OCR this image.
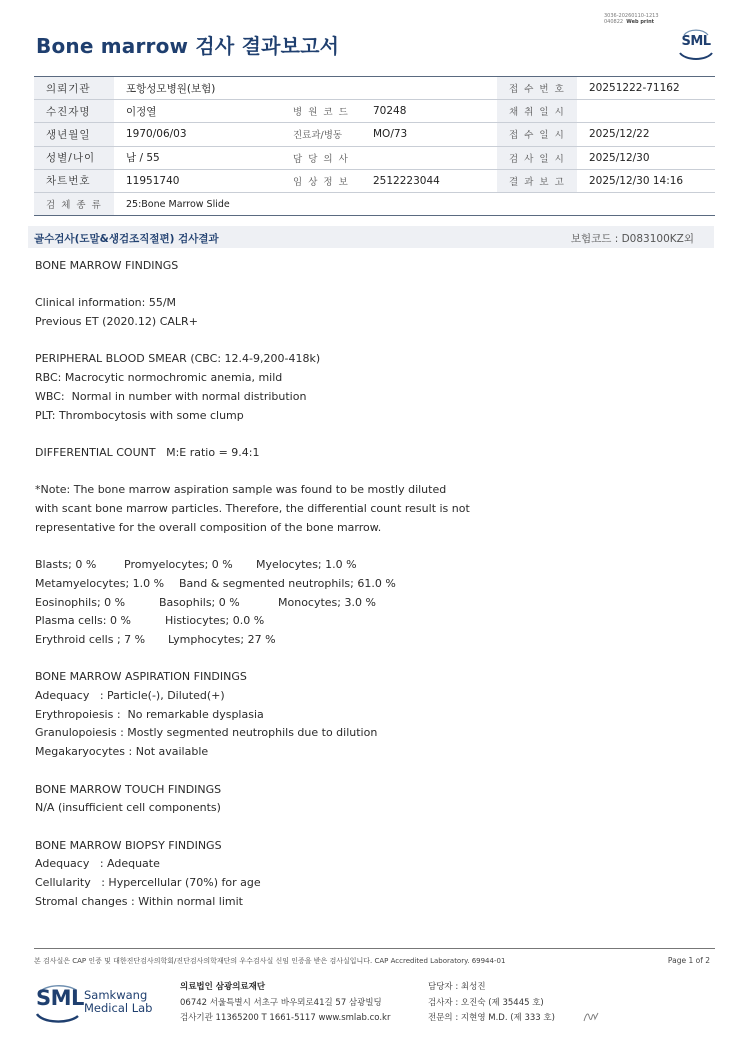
3036-20260110-1213
040822 Web print
Bone marrow 검사 결과보고서	SML
의뢰기관	포항성모병원(보험)			접 수 번 호	20251222-71162
수진자명	이정열	병 원 코 드	70248	채 취 일 시	
생년월일	1970/06/03	진료과/병동	MO/73	접 수 일 시	2025/12/22
성별/나이	남 / 55	담 당 의 사		검 사 일 시	2025/12/30
차트번호	11951740	임 상 정 보	2512223044	결 과 보 고	2025/12/30 14:16
검 체 종 류	25:Bone Marrow Slide				
골수검사(도말&생검조직절편) 검사결과	보험코드 : D083100KZ외

BONE MARROW FINDINGS

Clinical information: 55/M

Previous ET (2020.12) CALR+

PERIPHERAL BLOOD SMEAR (CBC: 12.4-9,200-418k)

RBC: Macrocytic normochromic anemia, mild

WBC:  Normal in number with normal distribution

PLT: Thrombocytosis with some clump

DIFFERENTIAL COUNT   M:E ratio = 9.4:1

*Note: The bone marrow aspiration sample was found to be mostly diluted

with scant bone marrow particles. Therefore, the differential count result is not

representative for the overall composition of the bone marrow.

Blasts; 0 %	Promyelocytes; 0 % Myelocytes; 1.0 %
Metamyelocytes; 1.0 % Band & segmented neutrophils; 61.0 %
Eosinophils; 0 %	Basophils; 0 %	Monocytes; 3.0 %
Plasma cells: 0 %	Histiocytes; 0.0 %
Erythroid cells ; 7 % Lymphocytes; 27 %

BONE MARROW ASPIRATION FINDINGS

Adequacy   : Particle(-), Diluted(+)

Erythropoiesis :  No remarkable dysplasia

Granulopoiesis : Mostly segmented neutrophils due to dilution

Megakaryocytes : Not available

BONE MARROW TOUCH FINDINGS

N/A (insufficient cell components)

BONE MARROW BIOPSY FINDINGS

Adequacy   : Adequate

Cellularity   : Hypercellular (70%) for age

Stromal changes : Within normal limit

본 검사실은 CAP 인증 및 대한진단검사의학회/진단검사의학재단의 우수검사실 신임 인증을 받은 검사실입니다. CAP Accredited Laboratory. 69944-01	Page 1 of 2
SML Samkwang
Medical Lab
의료법인 삼광의료재단
06742 서울특별시 서초구 바우뫼로41길 57 삼광빌딩
검사기관 11365200 T 1661-5117 www.smlab.co.kr
담당자 : 최성진
검사자 : 오진숙 (제 35445 호)
전문의 : 지현영 M.D. (제 333 호)
